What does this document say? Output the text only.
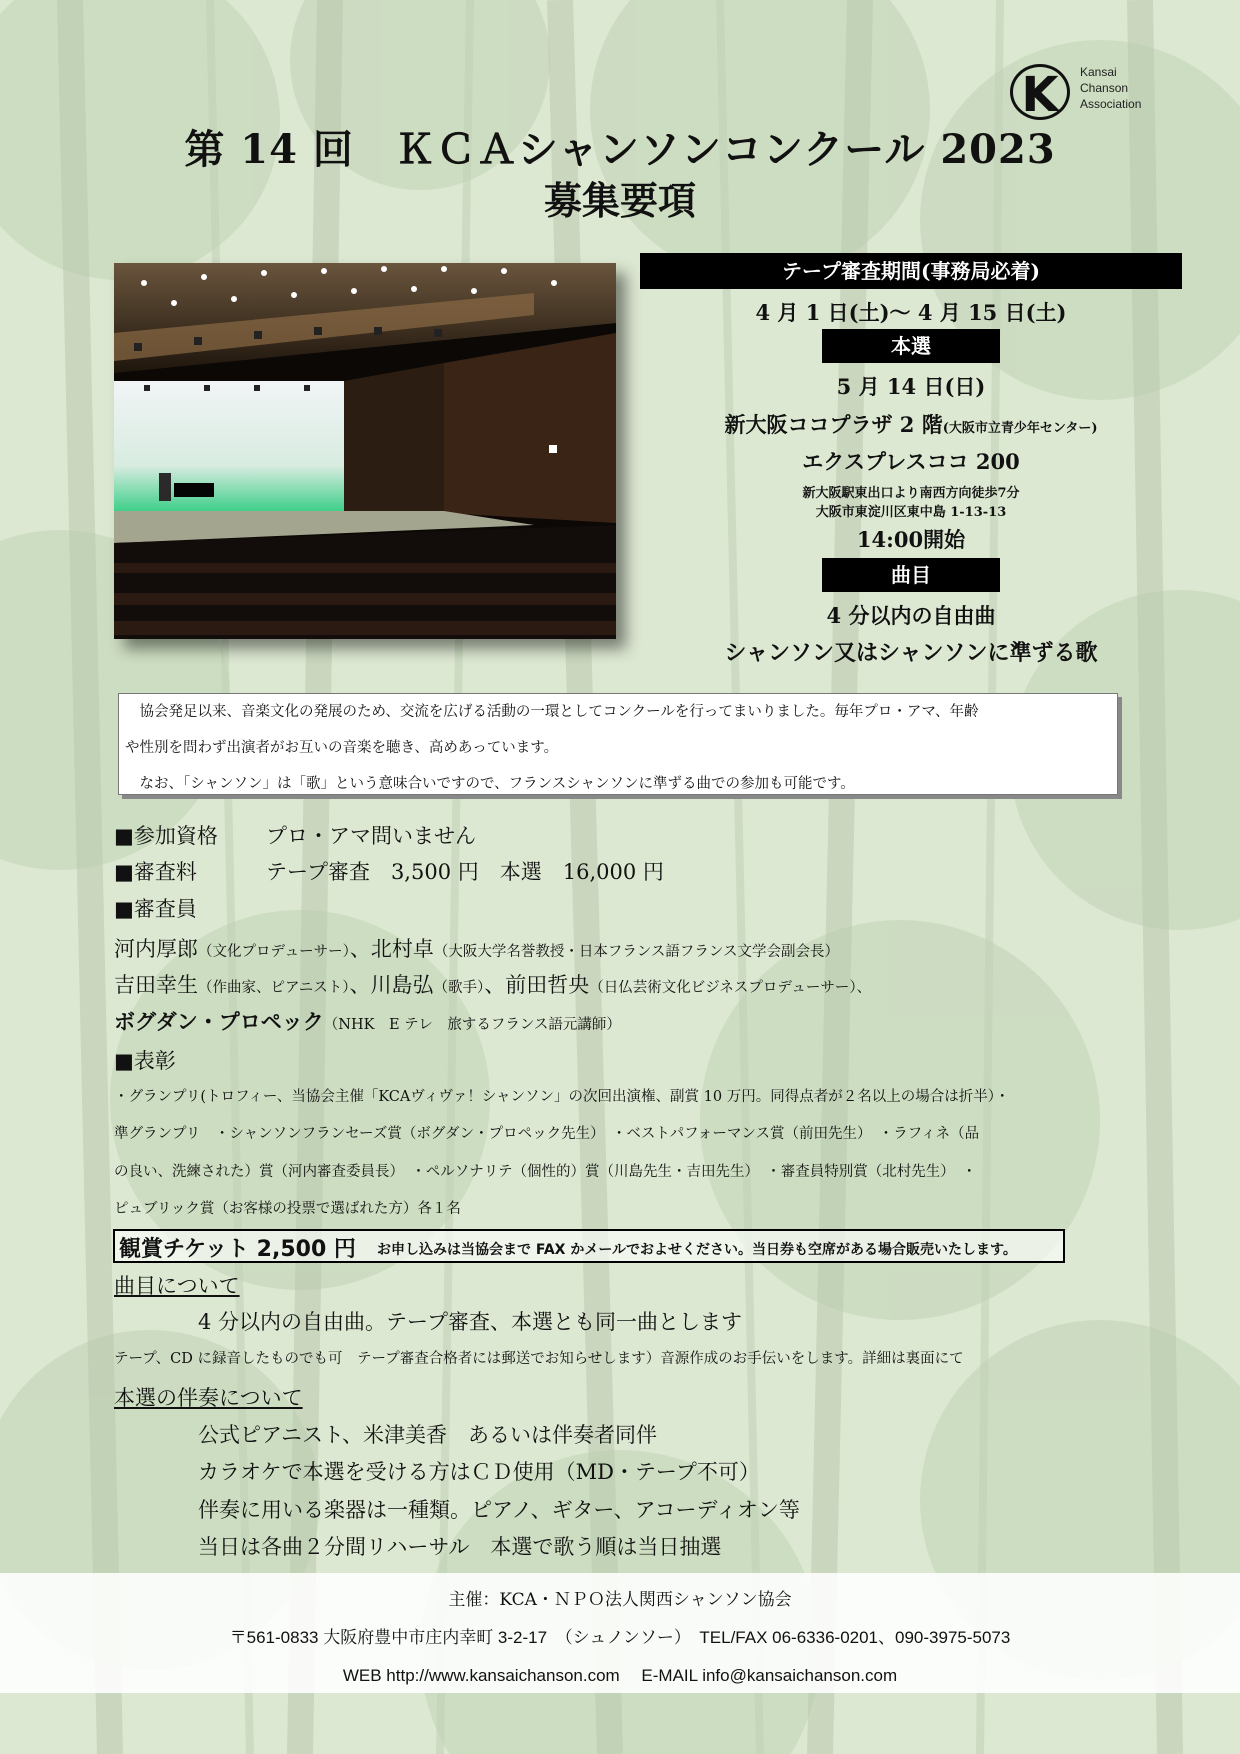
K	Kansai
Chanson
Association
第 14 回　ＫＣＡシャンソンコンクール 2023
募集要項
テープ審査期間(事務局必着)
4 月 1 日(土)～ 4 月 15 日(土)
本選
5 月 14 日(日)
新大阪ココプラザ 2 階(大阪市立青少年センター)
エクスプレスココ 200
新大阪駅東出口より南西方向徒歩7分
大阪市東淀川区東中島 1-13-13
14:00開始
曲目
4 分以内の自由曲
シャンソン又はシャンソンに準ずる歌

　協会発足以来、音楽文化の発展のため、交流を広げる活動の一環としてコンクールを行ってまいりました。毎年プロ・アマ、年齢

や性別を問わず出演者がお互いの音楽を聴き、高めあっています。

　なお、「シャンソン」は「歌」という意味合いですので、フランスシャンソンに準ずる曲での参加も可能です。

■参加資格 プロ・アマ問いません
■審査料	テープ審査　3,500 円　本選　16,000 円
■審査員
河内厚郎（文化プロデューサー）、北村卓（大阪大学名誉教授・日本フランス語フランス文学会副会長）
吉田幸生（作曲家、ピアニスト）、川島弘（歌手）、前田哲央（日仏芸術文化ビジネスプロデューサー）、
ボグダン・プロペック（NHK　E テレ　旅するフランス語元講師）
■表彰
・グランプリ(トロフィー、当協会主催「KCAヴィヴァ！シャンソン」の次回出演権、副賞 10 万円。同得点者が２名以上の場合は折半）・
準グランプリ　・シャンソンフランセーズ賞（ボグダン・プロペック先生）　・ベストパフォーマンス賞（前田先生）　・ラフィネ（品
の良い、洗練された）賞（河内審査委員長）　・ペルソナリテ（個性的）賞（川島先生・吉田先生）　・審査員特別賞（北村先生）　・
ピュブリック賞（お客様の投票で選ばれた方）各１名
観賞チケット 2,500 円 お申し込みは当協会まで FAX かメールでおよせください。当日券も空席がある場合販売いたします。
曲目について
4 分以内の自由曲。テープ審査、本選とも同一曲とします
テープ、CD に録音したものでも可　テープ審査合格者には郵送でお知らせします）音源作成のお手伝いをします。詳細は裏面にて
本選の伴奏について
公式ピアニスト、米津美香　あるいは伴奏者同伴
カラオケで本選を受ける方はＣＤ使用（MD・テープ不可）
伴奏に用いる楽器は一種類。ピアノ、ギター、アコーディオン等
当日は各曲２分間リハーサル　本選で歌う順は当日抽選
主催：KCA・ＮＰＯ法人関西シャンソン協会
〒561-0833 大阪府豊中市庄内幸町 3-2-17　（シュノンソー）　TEL/FAX 06-6336-0201、090-3975-5073
WEB http://www.kansaichanson.com　 E-MAIL info@kansaichanson.com
